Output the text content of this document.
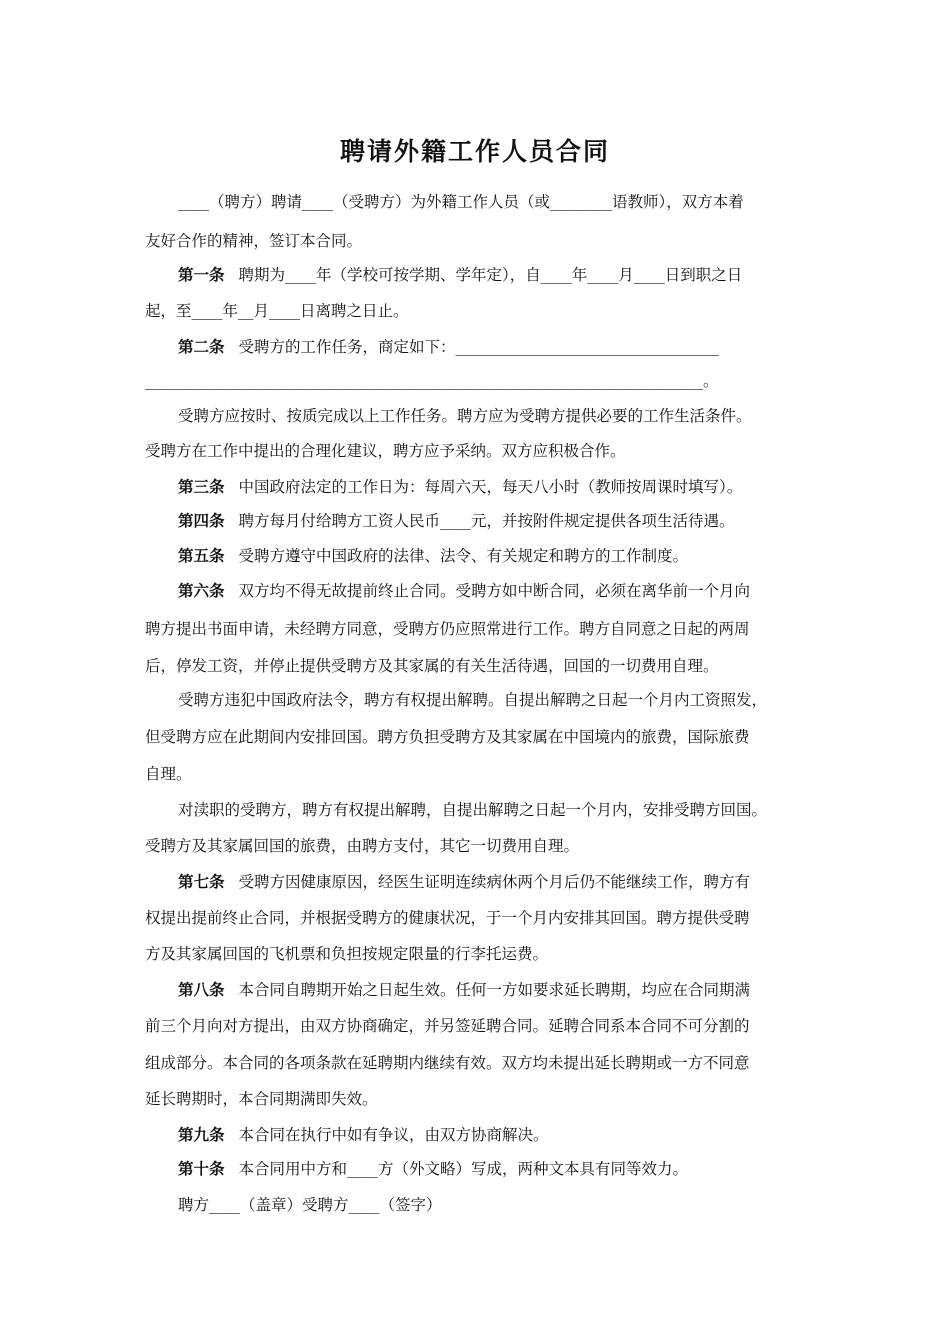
聘请外籍工作人员合同
____（聘方）聘请____（受聘方）为外籍工作人员（或________语教师），双方本着
友好合作的精神，签订本合同。
第一条 聘期为____年（学校可按学期、学年定），自____年____月____日到职之日
起，至____年__月____日离聘之日止。
第二条 受聘方的工作任务，商定如下：__________________________________
________________________________________________________________________。
受聘方应按时、按质完成以上工作任务。聘方应为受聘方提供必要的工作生活条件。
受聘方在工作中提出的合理化建议，聘方应予采纳。双方应积极合作。
第三条 中国政府法定的工作日为：每周六天，每天八小时（教师按周课时填写）。
第四条 聘方每月付给聘方工资人民币____元，并按附件规定提供各项生活待遇。
第五条 受聘方遵守中国政府的法律、法令、有关规定和聘方的工作制度。
第六条 双方均不得无故提前终止合同。受聘方如中断合同，必须在离华前一个月向
聘方提出书面申请，未经聘方同意，受聘方仍应照常进行工作。聘方自同意之日起的两周
后，停发工资，并停止提供受聘方及其家属的有关生活待遇，回国的一切费用自理。
受聘方违犯中国政府法令，聘方有权提出解聘。自提出解聘之日起一个月内工资照发，
但受聘方应在此期间内安排回国。聘方负担受聘方及其家属在中国境内的旅费，国际旅费
自理。
对渎职的受聘方，聘方有权提出解聘，自提出解聘之日起一个月内，安排受聘方回国。
受聘方及其家属回国的旅费，由聘方支付，其它一切费用自理。
第七条 受聘方因健康原因，经医生证明连续病休两个月后仍不能继续工作，聘方有
权提出提前终止合同，并根据受聘方的健康状况，于一个月内安排其回国。聘方提供受聘
方及其家属回国的飞机票和负担按规定限量的行李托运费。
第八条 本合同自聘期开始之日起生效。任何一方如要求延长聘期，均应在合同期满
前三个月向对方提出，由双方协商确定，并另签延聘合同。延聘合同系本合同不可分割的
组成部分。本合同的各项条款在延聘期内继续有效。双方均未提出延长聘期或一方不同意
延长聘期时，本合同期满即失效。
第九条 本合同在执行中如有争议，由双方协商解决。
第十条 本合同用中方和____方（外文略）写成，两种文本具有同等效力。
聘方____（盖章）受聘方____（签字）
